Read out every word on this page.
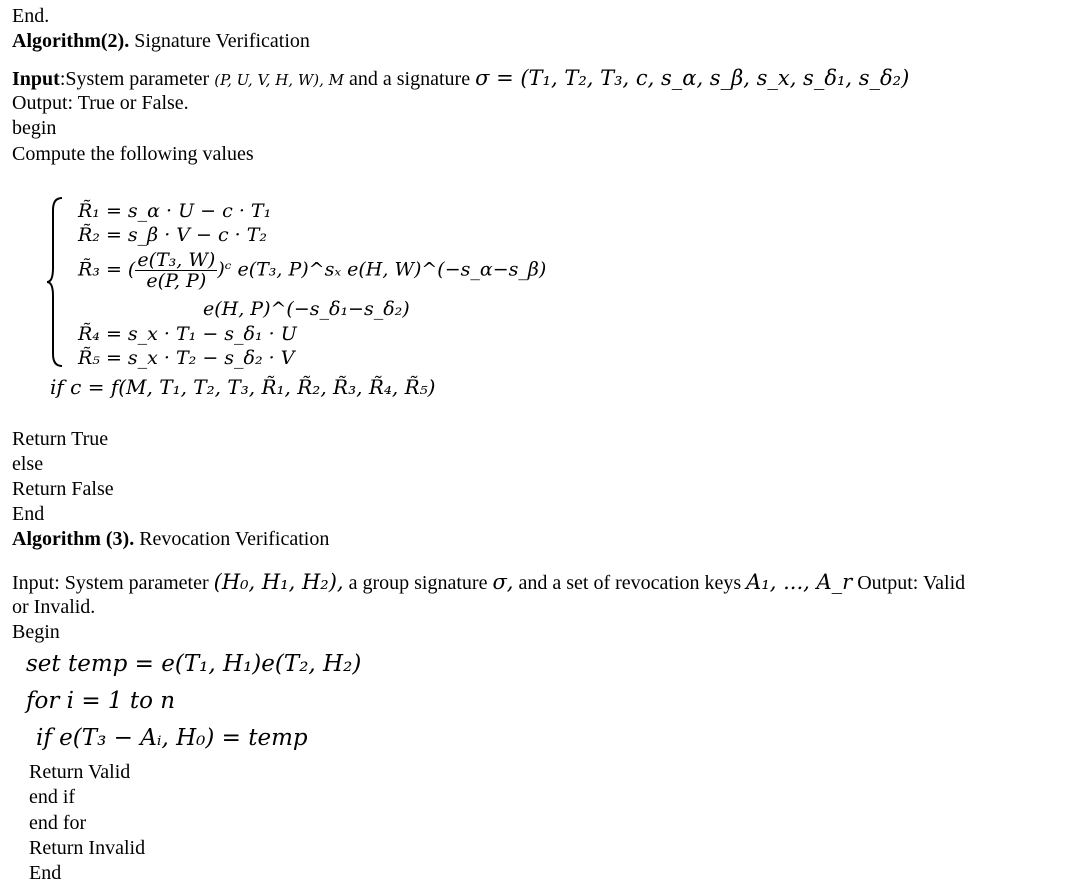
End.
Algorithm(2). Signature Verification
Input:System parameter (P, U, V, H, W), M and a signature σ = (T₁, T₂, T₃, c, s_α, s_β, s_x, s_δ₁, s_δ₂)
Output: True or False.
begin
Compute the following values
R̃₁ = s_α · U − c · T₁
R̃₂ = s_β · V − c · T₂
R̃₃ = ( $\frac{\text{e(T₃, W)}}{e(P, P)}$ )ᶜ e(T₃, P)^sₓ e(H, W)^(−s_α−s_β)
e(H, P)^(−s_δ₁−s_δ₂)
R̃₄ = s_x · T₁ − s_δ₁ · U
R̃₅ = s_x · T₂ − s_δ₂ · V
if c = f(M, T₁, T₂, T₃, R̃₁, R̃₂, R̃₃, R̃₄, R̃₅)
Return True
else
Return False
End
Algorithm (3). Revocation Verification
Input: System parameter (H₀, H₁, H₂), a group signature σ, and a set of revocation keys A₁, ..., A_r Output: Valid
or Invalid.
Begin
set temp = e(T₁, H₁)e(T₂, H₂)
for i = 1 to n
if e(T₃ − Aᵢ, H₀) = temp
Return Valid
end if
end for
Return Invalid
End
